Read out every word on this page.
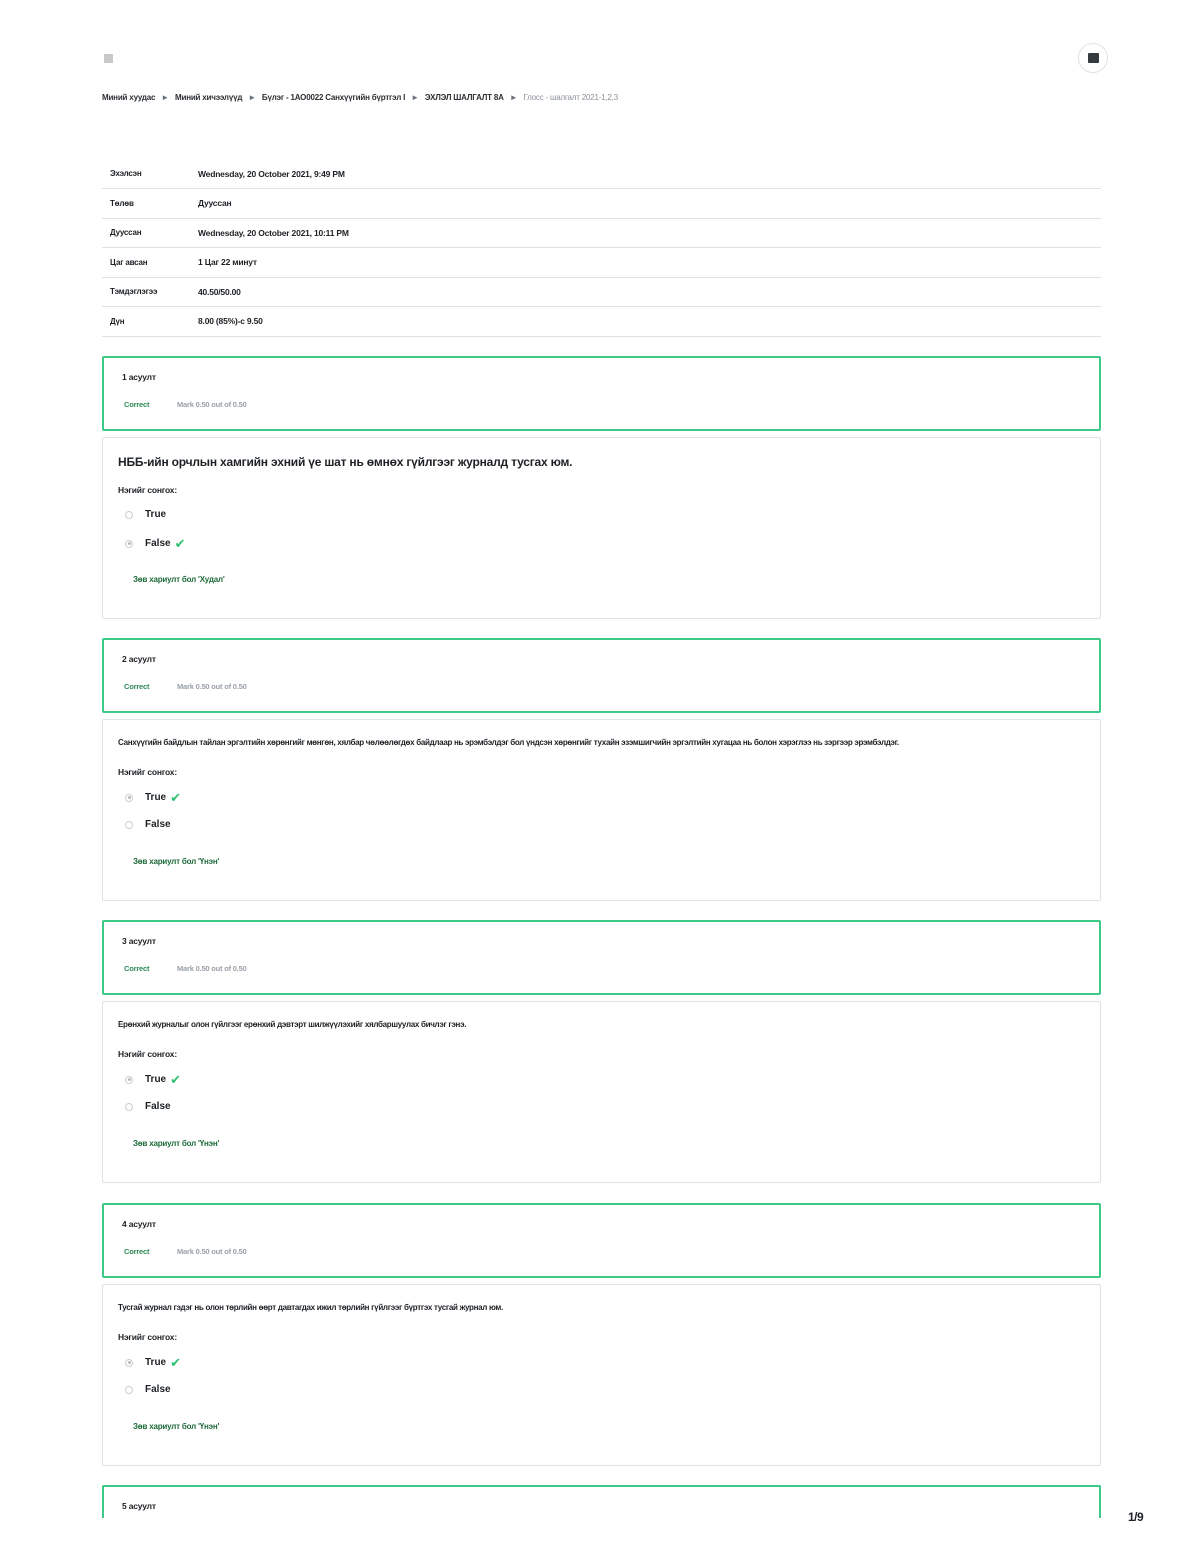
Миний хуудас ► Миний хичээлүүд ► Бүлэг - 1АО0022 Санхүүгийн бүртгэл I ► ЭХЛЭЛ ШАЛГАЛТ 8А ► Глосс - шалгалт 2021-1,2,3
Эхэлсэн	Wednesday, 20 October 2021, 9:49 PM
Төлөв	Дууссан
Дууссан	Wednesday, 20 October 2021, 10:11 PM
Цаг авсан	1 Цаг 22 минут
Тэмдэглэгээ	40.50/50.00
Дүн	8.00 (85%)-с 9.50
1 асуулт
Correct	Mark 0.50 out of 0.50
НББ-ийн орчлын хамгийн эхний үе шат нь өмнөх гүйлгээг журналд тусгах юм.
Нэгийг сонгох:
True
False ✔
Зөв хариулт бол 'Худал'
2 асуулт
Correct	Mark 0.50 out of 0.50
Санхүүгийн байдлын тайлан эргэлтийн хөрөнгийг мөнгөн, хялбар чөлөөлөгдөх байдлаар нь эрэмбэлдэг бол үндсэн хөрөнгийг тухайн эзэмшигчийн эргэлтийн хугацаа нь болон хэрэглээ нь зэргээр эрэмбэлдэг.
Нэгийг сонгох:
True ✔
False
Зөв хариулт бол 'Үнэн'
3 асуулт
Correct	Mark 0.50 out of 0.50
Ерөнхий журналыг олон гүйлгээг ерөнхий дэвтэрт шилжүүлэхийг хялбаршуулах бичлэг гэнэ.
Нэгийг сонгох:
True ✔
False
Зөв хариулт бол 'Үнэн'
4 асуулт
Correct	Mark 0.50 out of 0.50
Тусгай журнал гэдэг нь олон төрлийн өөрт давтагдах ижил төрлийн гүйлгээг бүртгэх тусгай журнал юм.
Нэгийг сонгох:
True ✔
False
Зөв хариулт бол 'Үнэн'
5 асуулт
1/9
